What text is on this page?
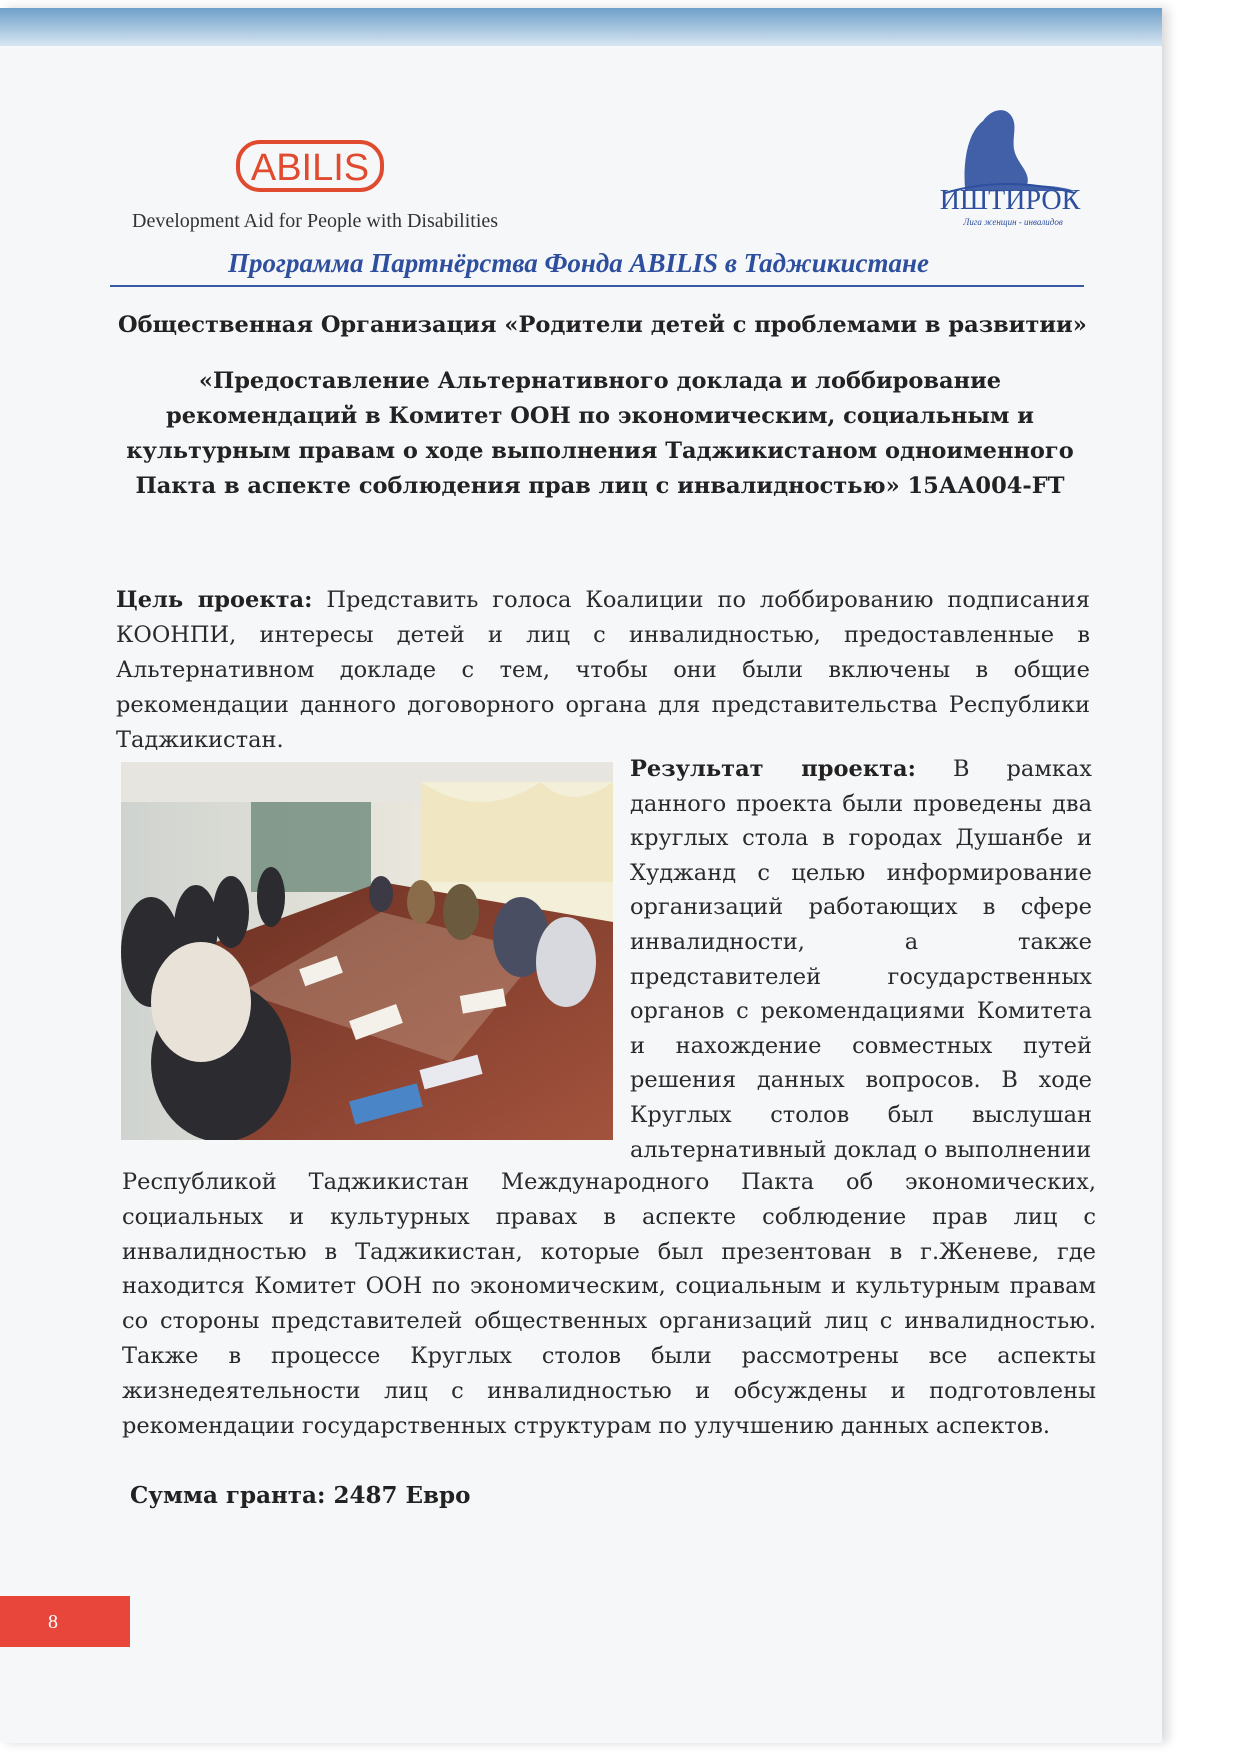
ABILIS
Development Aid for People with Disabilities
ИШТИРОК
Лига женщин - инвалидов
Программа Партнёрства Фонда ABILIS в Таджикистане
Общественная Организация «Родители детей с проблемами в развитии»
«Предоставление Альтернативного доклада и лоббирование
рекомендаций в Комитет ООН по экономическим, социальным и
культурным правам о ходе выполнения Таджикистаном одноименного
Пакта в аспекте соблюдения прав лиц с инвалидностью» 15АА004-FT
Цель проекта: Представить голоса Коалиции по лоббированию подписания КООНПИ, интересы детей и лиц с инвалидностью, предоставленные в Альтернативном докладе с тем, чтобы они были включены в общие рекомендации данного договорного органа для представительства Республики Таджикистан.
Результат проекта: В рамках данного проекта были проведены два круглых стола в городах Душанбе и Худжанд с целью информирование организаций работающих в сфере инвалидности, а также представителей государственных органов с рекомендациями Комитета и нахождение совместных путей решения данных вопросов. В ходе Круглых столов был выслушан альтернативный доклад о выполнении
Республикой Таджикистан Международного Пакта об экономических, социальных и культурных правах в аспекте соблюдение прав лиц с инвалидностью в Таджикистан, которые был презентован в г.Женеве, где находится Комитет ООН по экономическим, социальным и культурным правам со стороны представителей общественных организаций лиц с инвалидностью. Также в процессе Круглых столов были рассмотрены все аспекты жизнедеятельности лиц с инвалидностью и обсуждены и подготовлены рекомендации государственных структурам по улучшению данных аспектов.
Сумма гранта: 2487 Евро
8
